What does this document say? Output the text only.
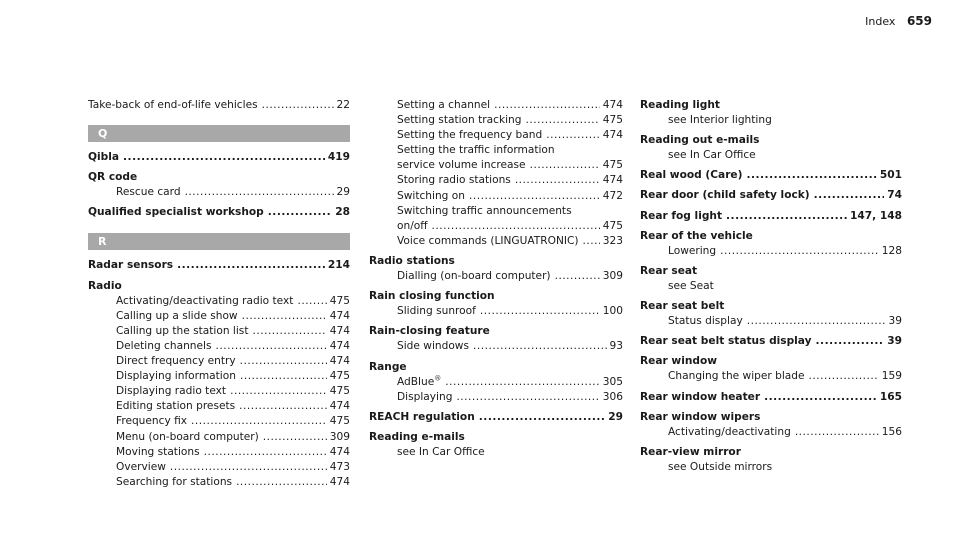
Index 659
Take-back of end-of-life vehicles .....	22
Q
Qibla .....	419
QR code
Rescue card .....	29
Qualified specialist workshop .....	28
R
Radar sensors .....	214
Radio
Activating/deactivating radio text .....	475
Calling up a slide show .....	474
Calling up the station list .....	474
Deleting channels .....	474
Direct frequency entry .....	474
Displaying information .....	475
Displaying radio text .....	475
Editing station presets .....	474
Frequency fix .....	475
Menu (on-board computer) .....	309
Moving stations .....	474
Overview .....	473
Searching for stations .....	474
Setting a channel .....	474
Setting station tracking .....	475
Setting the frequency band .....	474
Setting the traffic information
service volume increase .....	475
Storing radio stations .....	474
Switching on .....	472
Switching traffic announcements
on/off .....	475
Voice commands (LINGUATRONIC) ..... 323
Radio stations
Dialling (on-board computer) .....	309
Rain closing function
Sliding sunroof .....	100
Rain-closing feature
Side windows .....	93
Range
AdBlue® .....	305
Displaying .....	306
REACH regulation .....	29
Reading e-mails
see In Car Office
Reading light
see Interior lighting
Reading out e-mails
see In Car Office
Real wood (Care) .....	501
Rear door (child safety lock) .....	74
Rear fog light .....	147, 148
Rear of the vehicle
Lowering .....	128
Rear seat
see Seat
Rear seat belt
Status display .....	39
Rear seat belt status display .....	39
Rear window
Changing the wiper blade .....	159
Rear window heater .....	165
Rear window wipers
Activating/deactivating .....	156
Rear-view mirror
see Outside mirrors
